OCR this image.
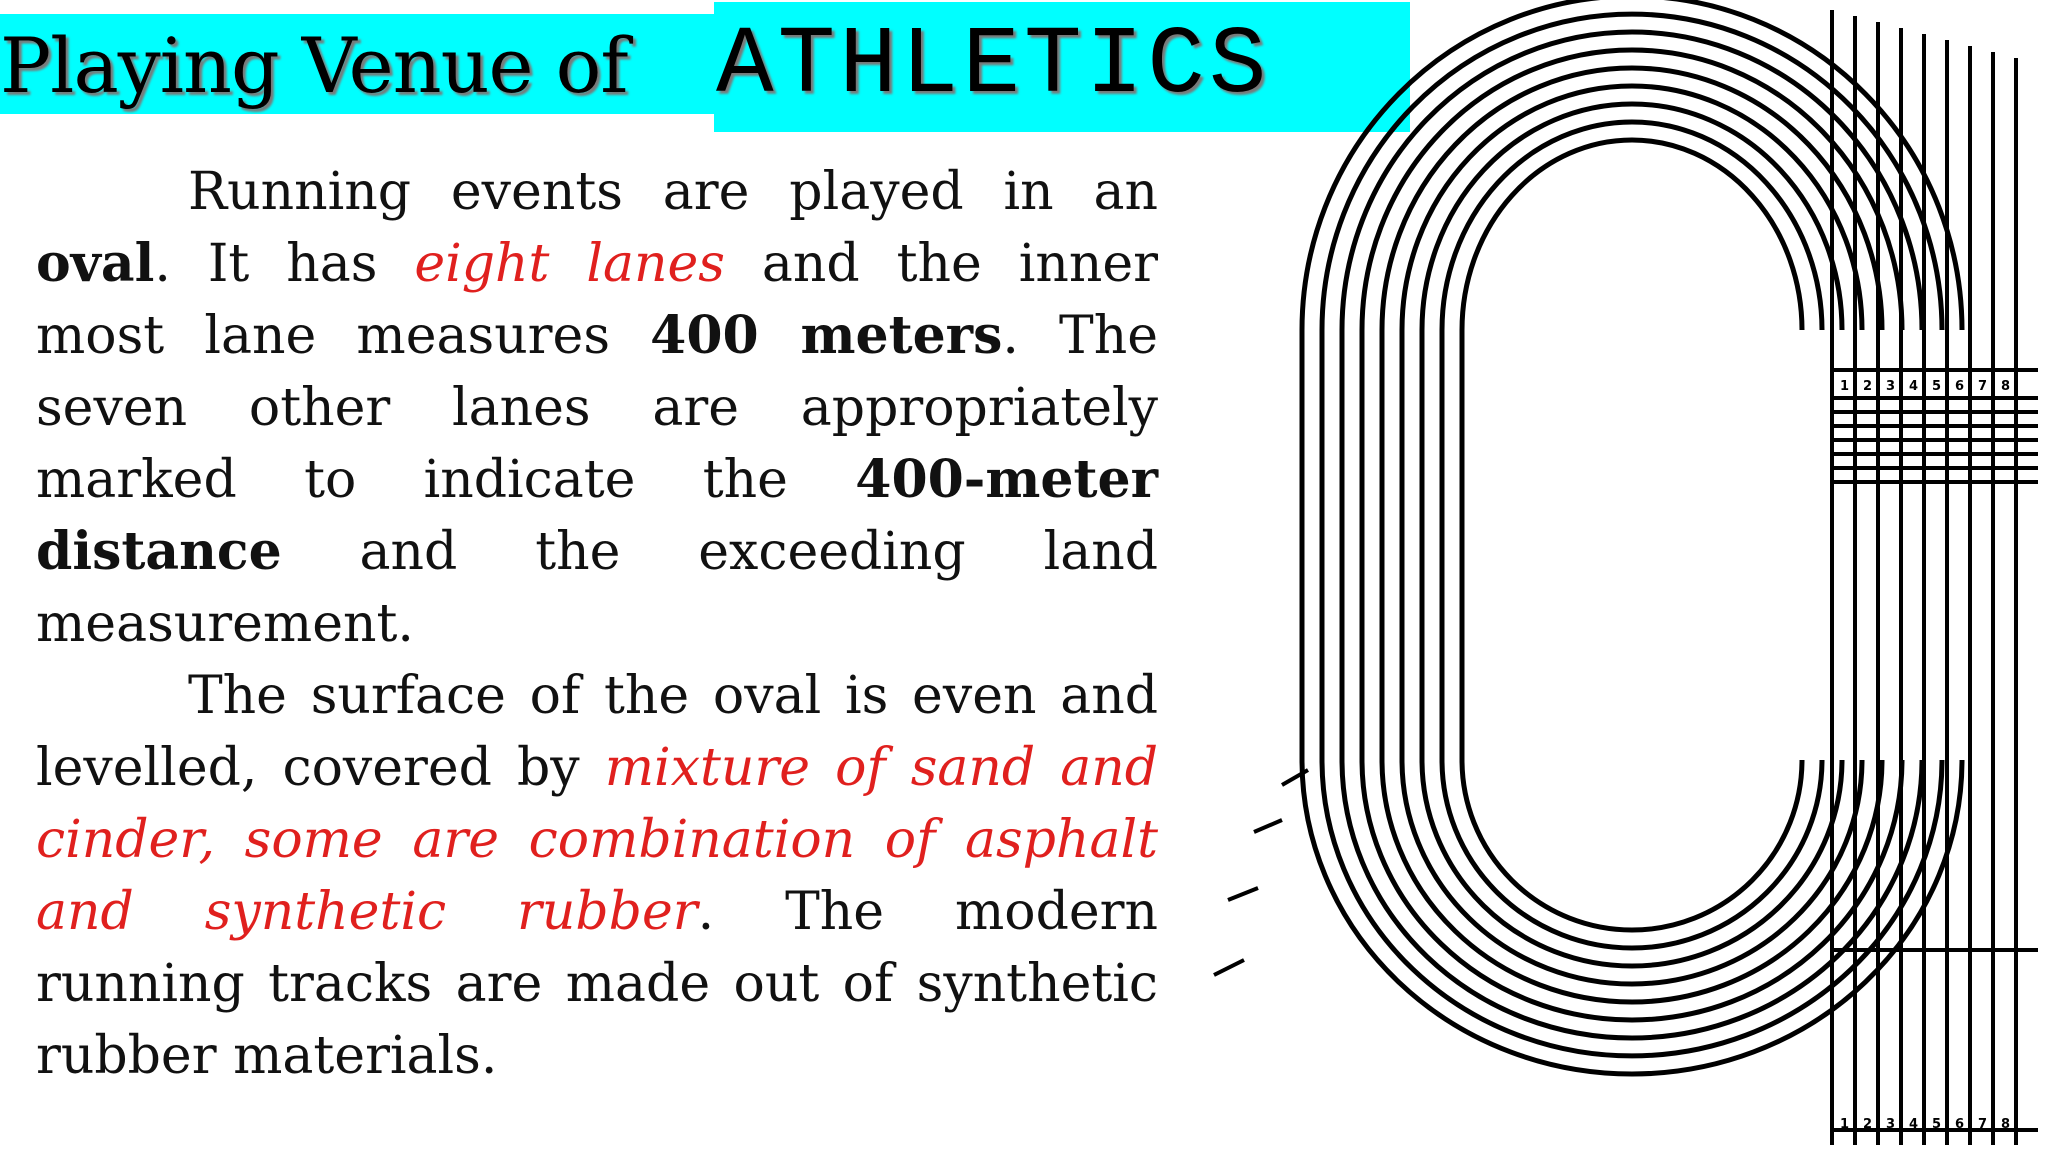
Playing Venue of ATHLETICS

Running events are played in an oval. It has eight lanes and the inner most lane measures 400 meters. The seven other lanes are appropriately marked to indicate the 400-meter distance and the exceeding land measurement.

The surface of the oval is even and levelled, covered by mixture of sand and cinder, some are combination of asphalt and synthetic rubber. The modern running tracks are made out of synthetic rubber materials.

1 2 3 4 5 6 7 8
1 2 3 4 5 6 7 8
